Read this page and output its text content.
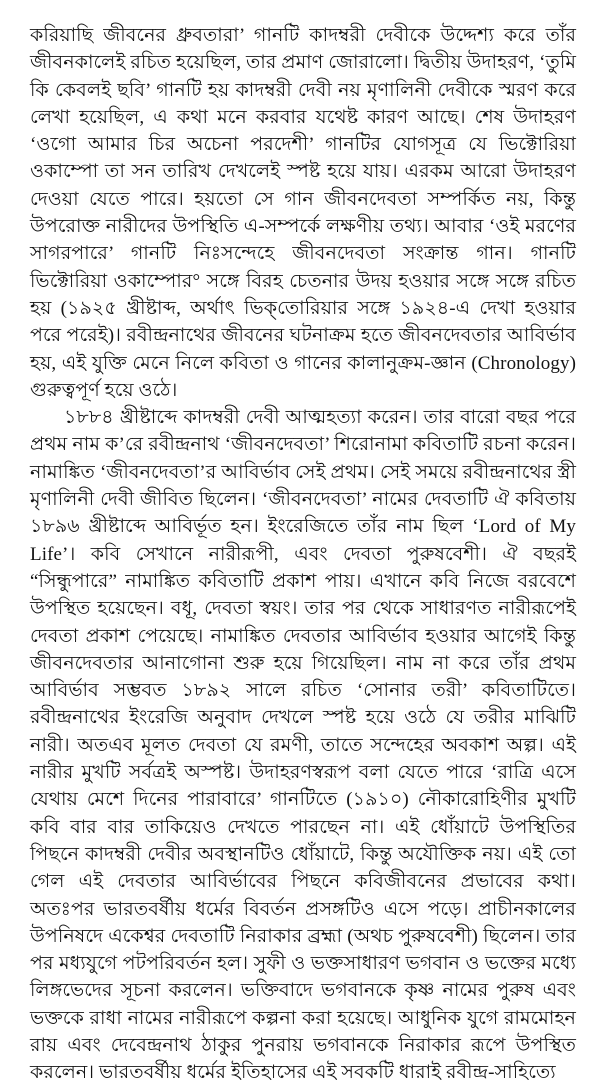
করিয়াছি জীবনের ধ্রুবতারা’ গানটি কাদম্বরী দেবীকে উদ্দেশ্য করে তাঁর জীবনকালেই রচিত হয়েছিল, তার প্রমাণ জোরালো। দ্বিতীয় উদাহরণ, ‘তুমি কি কেবলই ছবি’ গানটি হয় কাদম্বরী দেবী নয় মৃণালিনী দেবীকে স্মরণ করে লেখা হয়েছিল, এ কথা মনে করবার যথেষ্ট কারণ আছে। শেষ উদাহরণ ‘ওগো আমার চির অচেনা পরদেশী’ গানটির যোগসূত্র যে ভিক্টোরিয়া ওকাম্পো তা সন তারিখ দেখলেই স্পষ্ট হয়ে যায়। এরকম আরো উদাহরণ দেওয়া যেতে পারে। হয়তো সে গান জীবনদেবতা সম্পর্কিত নয়, কিন্তু উপরোক্ত নারীদের উপস্থিতি এ-সম্পর্কে লক্ষণীয় তথ্য। আবার ‘ওই মরণের সাগরপারে’ গানটি নিঃসন্দেহে জীবনদেবতা সংক্রান্ত গান। গানটি ভিক্টোরিয়া ওকাম্পোর° সঙ্গে বিরহ চেতনার উদয় হওয়ার সঙ্গে সঙ্গে রচিত হয় (১৯২৫ খ্রীষ্টাব্দ, অর্থাৎ ভিক্‌তোরিয়ার সঙ্গে ১৯২৪-এ দেখা হওয়ার পরে পরেই)। রবীন্দ্রনাথের জীবনের ঘটনাক্রম হতে জীবনদেবতার আবির্ভাব হয়, এই যুক্তি মেনে নিলে কবিতা ও গানের কালানুক্রম-জ্ঞান (Chronology) গুরুত্বপূর্ণ হয়ে ওঠে।

১৮৮৪ খ্রীষ্টাব্দে কাদম্বরী দেবী আত্মহত্যা করেন। তার বারো বছর পরে প্রথম নাম ক’রে রবীন্দ্রনাথ ‘জীবনদেবতা’ শিরোনামা কবিতাটি রচনা করেন। নামাঙ্কিত ‘জীবনদেবতা’র আবির্ভাব সেই প্রথম। সেই সময়ে রবীন্দ্রনাথের স্ত্রী মৃণালিনী দেবী জীবিত ছিলেন। ‘জীবনদেবতা’ নামের দেবতাটি ঐ কবিতায় ১৮৯৬ খ্রীষ্টাব্দে আবির্ভূত হন। ইংরেজিতে তাঁর নাম ছিল ‘Lord of My Life’। কবি সেখানে নারীরূপী, এবং দেবতা পুরুষবেশী। ঐ বছরই “সিন্ধুপারে” নামাঙ্কিত কবিতাটি প্রকাশ পায়। এখানে কবি নিজে বরবেশে উপস্থিত হয়েছেন। বধূ, দেবতা স্বয়ং। তার পর থেকে সাধারণত নারীরূপেই দেবতা প্রকাশ পেয়েছে। নামাঙ্কিত দেবতার আবির্ভাব হওয়ার আগেই কিন্তু জীবনদেবতার আনাগোনা শুরু হয়ে গিয়েছিল। নাম না করে তাঁর প্রথম আবির্ভাব সম্ভবত ১৮৯২ সালে রচিত ‘সোনার তরী’ কবিতাটিতে। রবীন্দ্রনাথের ইংরেজি অনুবাদ দেখলে স্পষ্ট হয়ে ওঠে যে তরীর মাঝিটি নারী। অতএব মূলত দেবতা যে রমণী, তাতে সন্দেহের অবকাশ অল্প। এই নারীর মুখটি সর্বত্রই অস্পষ্ট। উদাহরণস্বরূপ বলা যেতে পারে ‘রাত্রি এসে যেথায় মেশে দিনের পারাবারে’ গানটিতে (১৯১০) নৌকারোহিণীর মুখটি কবি বার বার তাকিয়েও দেখতে পারছেন না। এই ধোঁয়াটে উপস্থিতির পিছনে কাদম্বরী দেবীর অবস্থানটিও ধোঁয়াটে, কিন্তু অযৌক্তিক নয়। এই তো গেল এই দেবতার আবির্ভাবের পিছনে কবিজীবনের প্রভাবের কথা। অতঃপর ভারতবর্ষীয় ধর্মের বিবর্তন প্রসঙ্গটিও এসে পড়ে। প্রাচীনকালের উপনিষদে একেশ্বর দেবতাটি নিরাকার ব্রহ্মা (অথচ পুরুষবেশী) ছিলেন। তার পর মধ্যযুগে পটপরিবর্তন হল। সুফী ও ভক্তসাধারণ ভগবান ও ভক্তের মধ্যে লিঙ্গভেদের সূচনা করলেন। ভক্তিবাদে ভগবানকে কৃষ্ণ নামের পুরুষ এবং ভক্তকে রাধা নামের নারীরূপে কল্পনা করা হয়েছে। আধুনিক যুগে রামমোহন রায় এবং দেবেন্দ্রনাথ ঠাকুর পুনরায় ভগবানকে নিরাকার রূপে উপস্থিত করলেন। ভারতবর্ষীয় ধর্মের ইতিহাসের এই সবকটি ধারাই রবীন্দ্র-সাহিত্যে
